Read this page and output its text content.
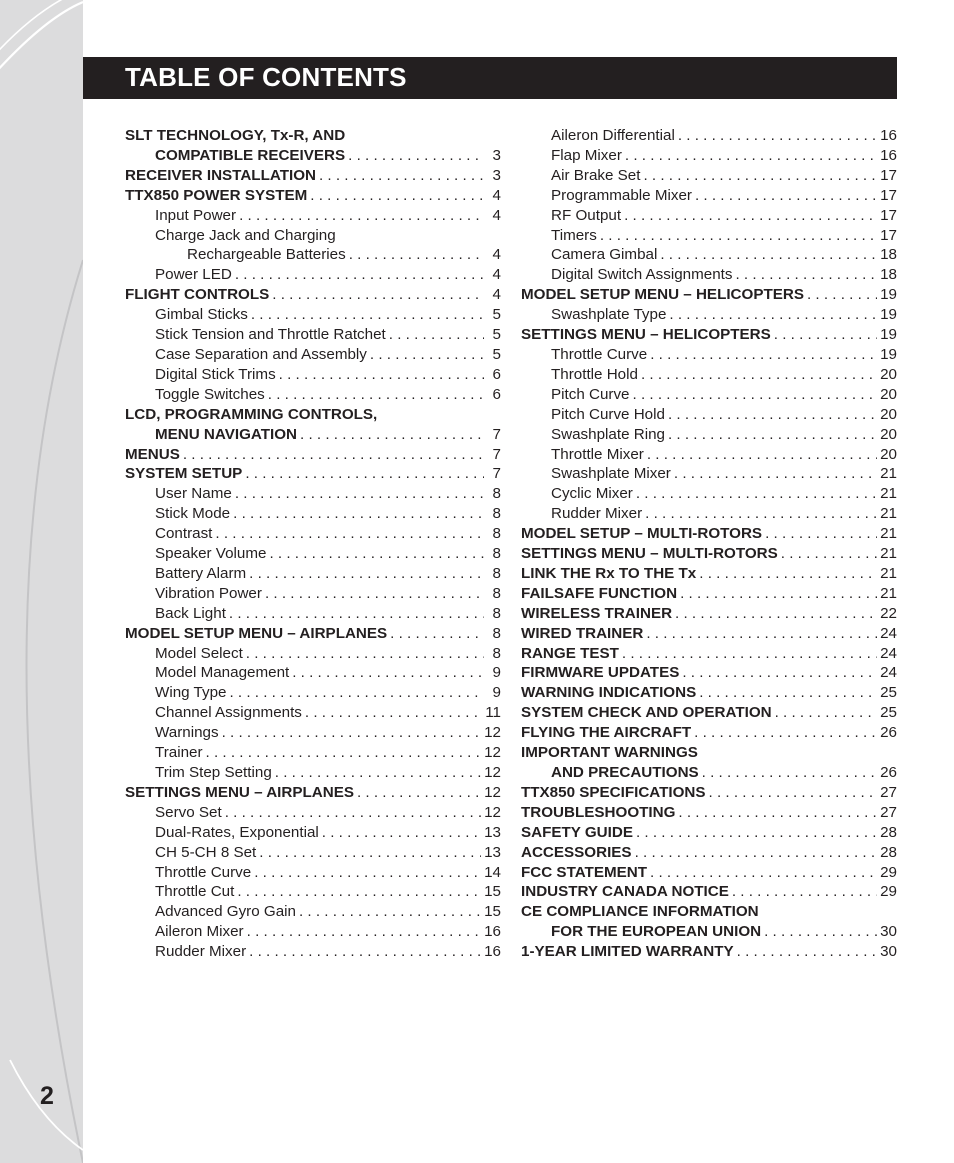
2
TABLE OF CONTENTS
SLT TECHNOLOGY, Tx-R, AND
COMPATIBLE RECEIVERS . . .	3
RECEIVER INSTALLATION . . .	3
TTX850 POWER SYSTEM . . .	4
Input Power . . .	4
Charge Jack and Charging
Rechargeable Batteries . . .	4
Power LED . . .	4
FLIGHT CONTROLS . . .	4
Gimbal Sticks . . .	5
Stick Tension and Throttle Ratchet . . .	5
Case Separation and Assembly . . .	5
Digital Stick Trims . . .	6
Toggle Switches . . .	6
LCD, PROGRAMMING CONTROLS,
MENU NAVIGATION . . .	7
MENUS . . .	7
SYSTEM SETUP . . .	7
User Name . . .	8
Stick Mode . . .	8
Contrast . . .	8
Speaker Volume . . .	8
Battery Alarm . . .	8
Vibration Power . . .	8
Back Light . . .	8
MODEL SETUP MENU – AIRPLANES . . .	8
Model Select . . .	8
Model Management . . .	9
Wing Type . . .	9
Channel Assignments . . .	11
Warnings . . .	12
Trainer . . .	12
Trim Step Setting . . .	12
SETTINGS MENU – AIRPLANES . . .	12
Servo Set . . .	12
Dual-Rates, Exponential . . .	13
CH 5-CH 8 Set . . .	13
Throttle Curve . . .	14
Throttle Cut . . .	15
Advanced Gyro Gain . . .	15
Aileron Mixer . . .	16
Rudder Mixer . . .	16
Aileron Differential . . .	16
Flap Mixer . . .	16
Air Brake Set . . .	17
Programmable Mixer . . .	17
RF Output . . .	17
Timers . . .	17
Camera Gimbal . . .	18
Digital Switch Assignments . . .	18
MODEL SETUP MENU – HELICOPTERS . . .	19
Swashplate Type . . .	19
SETTINGS MENU – HELICOPTERS . . .	19
Throttle Curve . . .	19
Throttle Hold . . .	20
Pitch Curve . . .	20
Pitch Curve Hold . . .	20
Swashplate Ring . . .	20
Throttle Mixer . . .	20
Swashplate Mixer . . .	21
Cyclic Mixer . . .	21
Rudder Mixer . . .	21
MODEL SETUP – MULTI-ROTORS . . .	21
SETTINGS MENU – MULTI-ROTORS . . .	21
LINK THE Rx TO THE Tx . . .	21
FAILSAFE FUNCTION . . .	21
WIRELESS TRAINER . . .	22
WIRED TRAINER . . .	24
RANGE TEST . . .	24
FIRMWARE UPDATES . . .	24
WARNING INDICATIONS . . .	25
SYSTEM CHECK AND OPERATION . . .	25
FLYING THE AIRCRAFT . . .	26
IMPORTANT WARNINGS
AND PRECAUTIONS . . .	26
TTX850 SPECIFICATIONS . . .	27
TROUBLESHOOTING . . .	27
SAFETY GUIDE . . .	28
ACCESSORIES . . .	28
FCC STATEMENT . . .	29
INDUSTRY CANADA NOTICE . . .	29
CE COMPLIANCE INFORMATION
FOR THE EUROPEAN UNION . . .	30
1-YEAR LIMITED WARRANTY . . .	30
